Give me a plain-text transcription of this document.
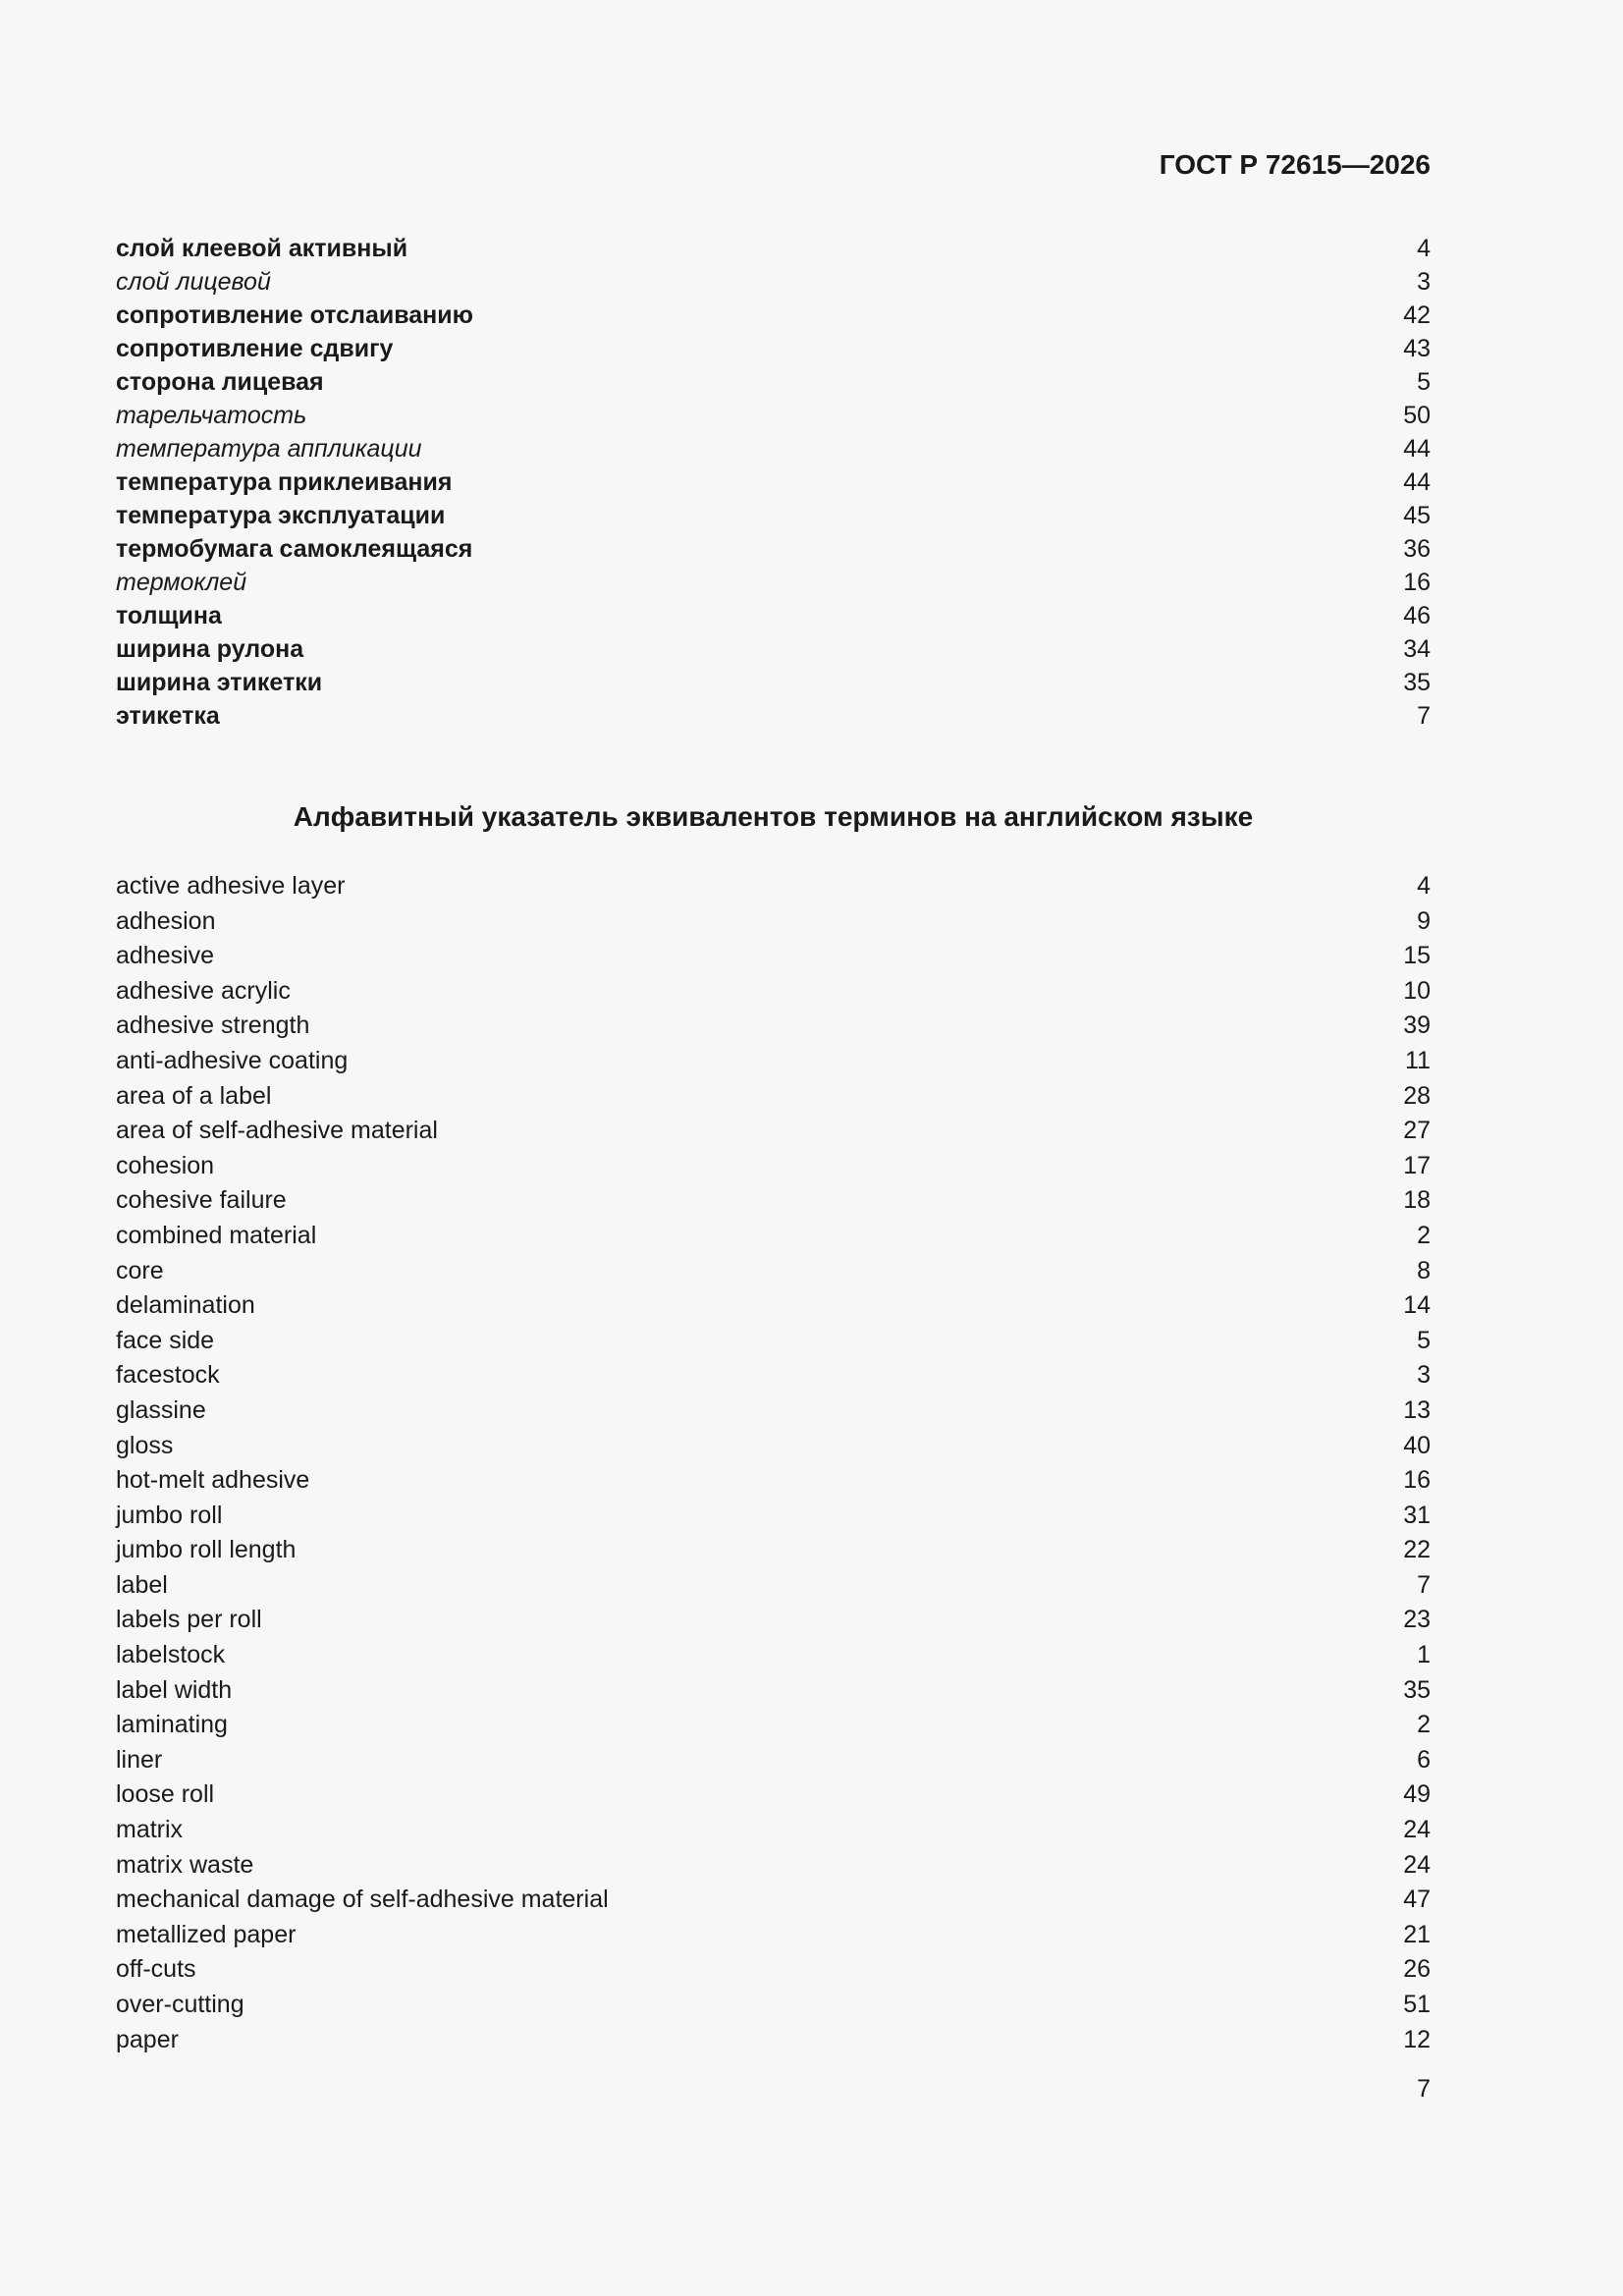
ГОСТ Р 72615—2026
слой клеевой активный	4
слой лицевой	3
сопротивление отслаиванию	42
сопротивление сдвигу	43
сторона лицевая	5
тарельчатость	50
температура аппликации	44
температура приклеивания	44
температура эксплуатации	45
термобумага самоклеящаяся	36
термоклей	16
толщина	46
ширина рулона	34
ширина этикетки	35
этикетка	7
Алфавитный указатель эквивалентов терминов на английском языке
active adhesive layer	4
adhesion	9
adhesive	15
adhesive acrylic	10
adhesive strength	39
anti-adhesive coating	11
area of a label	28
area of self-adhesive material	27
cohesion	17
cohesive failure	18
combined material	2
core	8
delamination	14
face side	5
facestock	3
glassine	13
gloss	40
hot-melt adhesive	16
jumbo roll	31
jumbo roll length	22
label	7
labels per roll	23
labelstock	1
label width	35
laminating	2
liner	6
loose roll	49
matrix	24
matrix waste	24
mechanical damage of self-adhesive material	47
metallized paper	21
off-cuts	26
over-cutting	51
paper	12
7
